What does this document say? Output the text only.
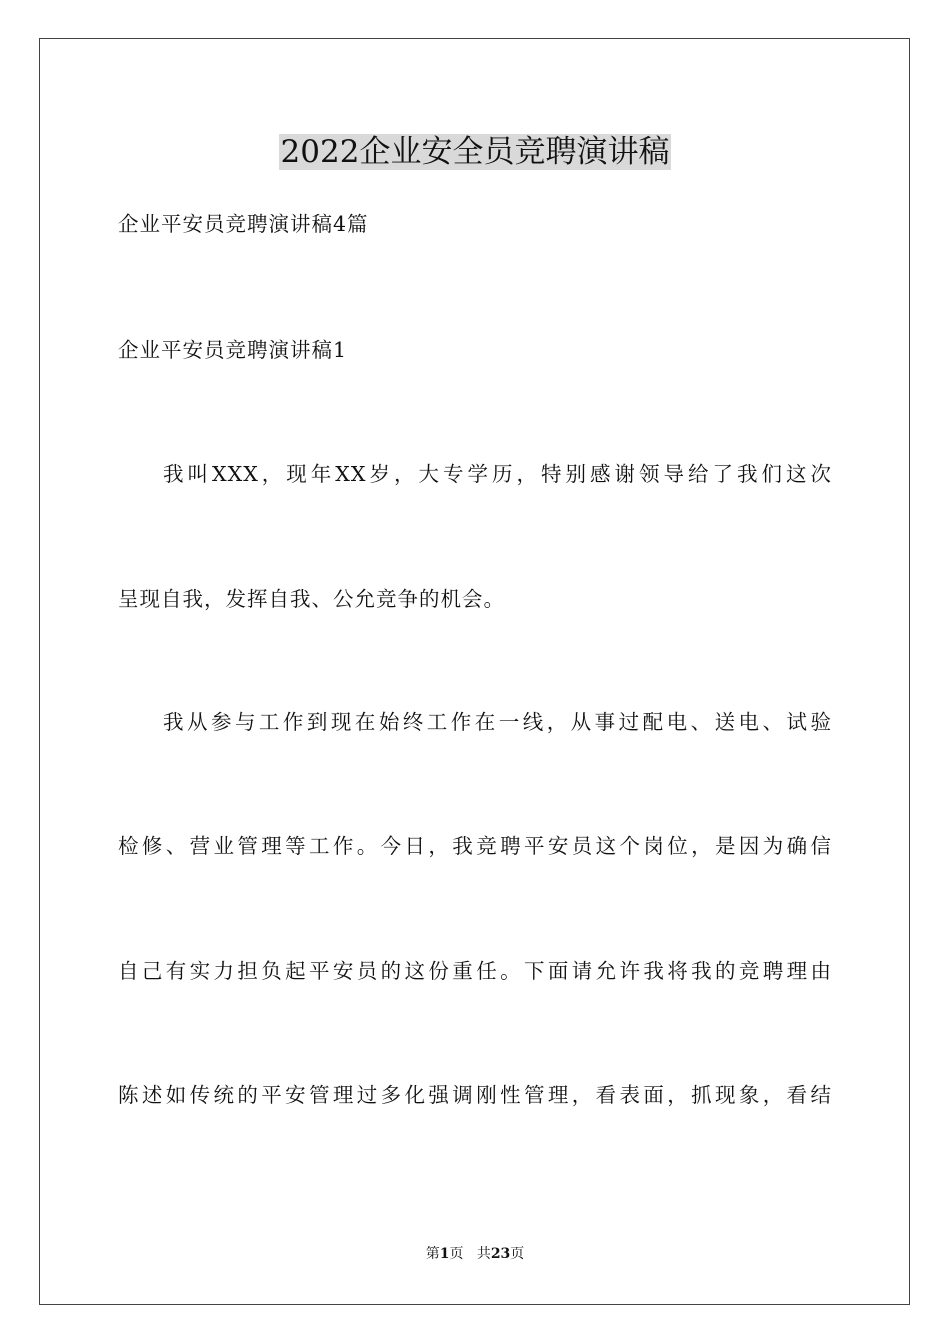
2022企业安全员竞聘演讲稿

企业平安员竞聘演讲稿4篇

企业平安员竞聘演讲稿1

我叫XXX，现年XX岁，大专学历，特别感谢领导给了我们这次

呈现自我，发挥自我、公允竞争的机会。

我从参与工作到现在始终工作在一线，从事过配电、送电、试验

检修、营业管理等工作。今日，我竞聘平安员这个岗位，是因为确信

自己有实力担负起平安员的这份重任。下面请允许我将我的竞聘理由

陈述如传统的平安管理过多化强调刚性管理，看表面，抓现象，看结

第1页 共23页
